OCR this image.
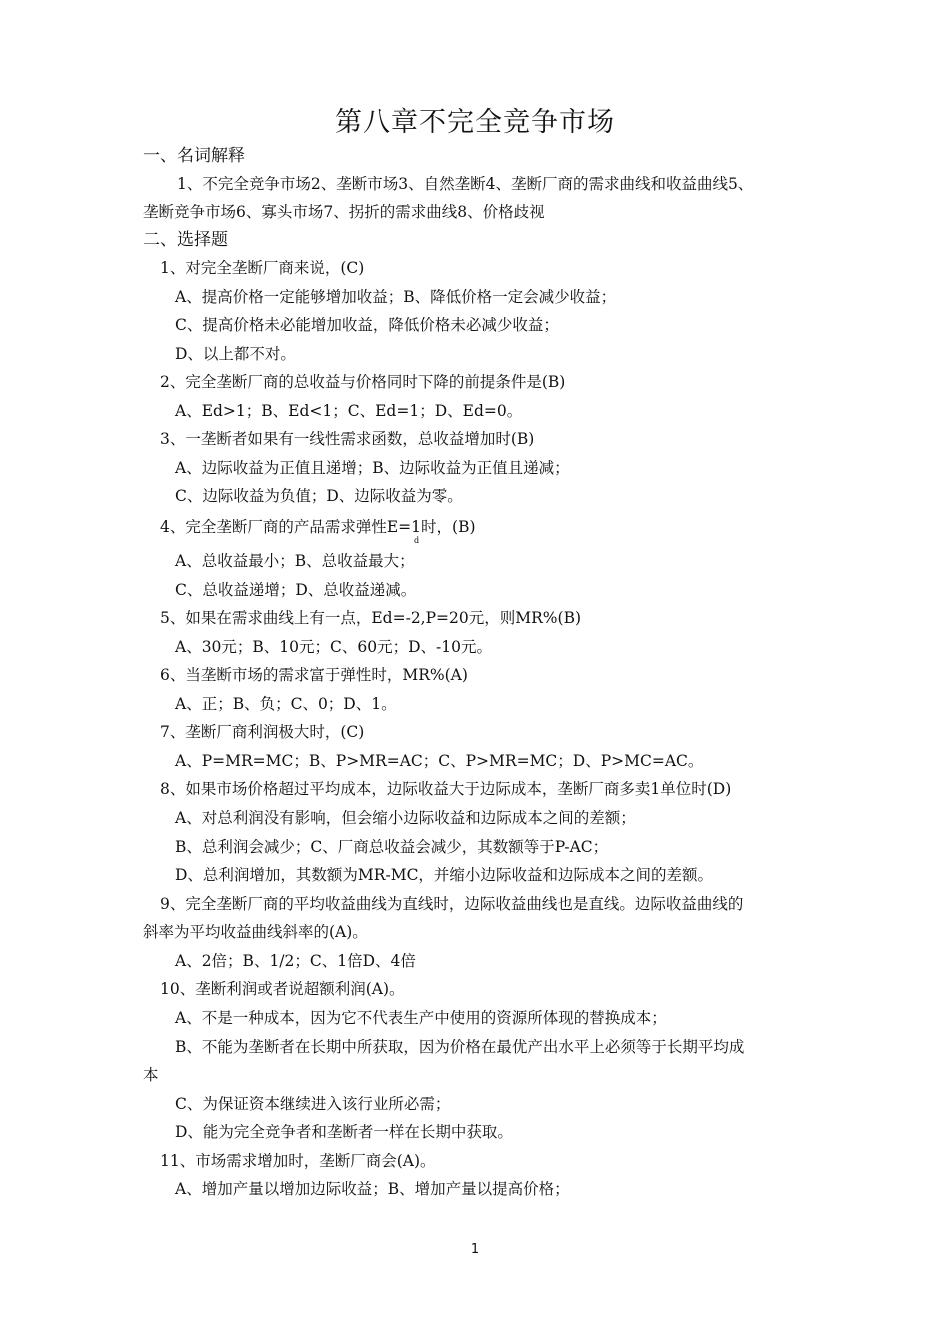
第八章不完全竞争市场
一、名词解释
1、不完全竞争市场2、垄断市场3、自然垄断4、垄断厂商的需求曲线和收益曲线5、
垄断竞争市场6、寡头市场7、拐折的需求曲线8、价格歧视
二、选择题
1、对完全垄断厂商来说，(C)
A、提高价格一定能够增加收益；B、降低价格一定会减少收益；
C、提高价格未必能增加收益，降低价格未必减少收益；
D、以上都不对。
2、完全垄断厂商的总收益与价格同时下降的前提条件是(B)
A、Ed>1；B、Ed<1；C、Ed=1；D、Ed=0。
3、一垄断者如果有一线性需求函数，总收益增加时(B)
A、边际收益为正值且递增；B、边际收益为正值且递减；
C、边际收益为负值；D、边际收益为零。
4、完全垄断厂商的产品需求弹性E=1时，(B)
d
A、总收益最小；B、总收益最大；
C、总收益递增；D、总收益递减。
5、如果在需求曲线上有一点，Ed=-2,P=20元，则MR%(B)
A、30元；B、10元；C、60元；D、-10元。
6、当垄断市场的需求富于弹性时，MR%(A)
A、正；B、负；C、0；D、1。
7、垄断厂商利润极大时，(C)
A、P=MR=MC；B、P>MR=AC；C、P>MR=MC；D、P>MC=AC。
8、如果市场价格超过平均成本，边际收益大于边际成本，垄断厂商多卖1单位时(D)
A、对总利润没有影响，但会缩小边际收益和边际成本之间的差额；
B、总利润会减少；C、厂商总收益会减少，其数额等于P-AC；
D、总利润增加，其数额为MR-MC，并缩小边际收益和边际成本之间的差额。
9、完全垄断厂商的平均收益曲线为直线时，边际收益曲线也是直线。边际收益曲线的
斜率为平均收益曲线斜率的(A)。
A、2倍；B、1/2；C、1倍D、4倍
10、垄断利润或者说超额利润(A)。
A、不是一种成本，因为它不代表生产中使用的资源所体现的替换成本；
B、不能为垄断者在长期中所获取，因为价格在最优产出水平上必须等于长期平均成
本
C、为保证资本继续进入该行业所必需；
D、能为完全竞争者和垄断者一样在长期中获取。
11、市场需求增加时，垄断厂商会(A)。
A、增加产量以增加边际收益；B、增加产量以提高价格；
1
